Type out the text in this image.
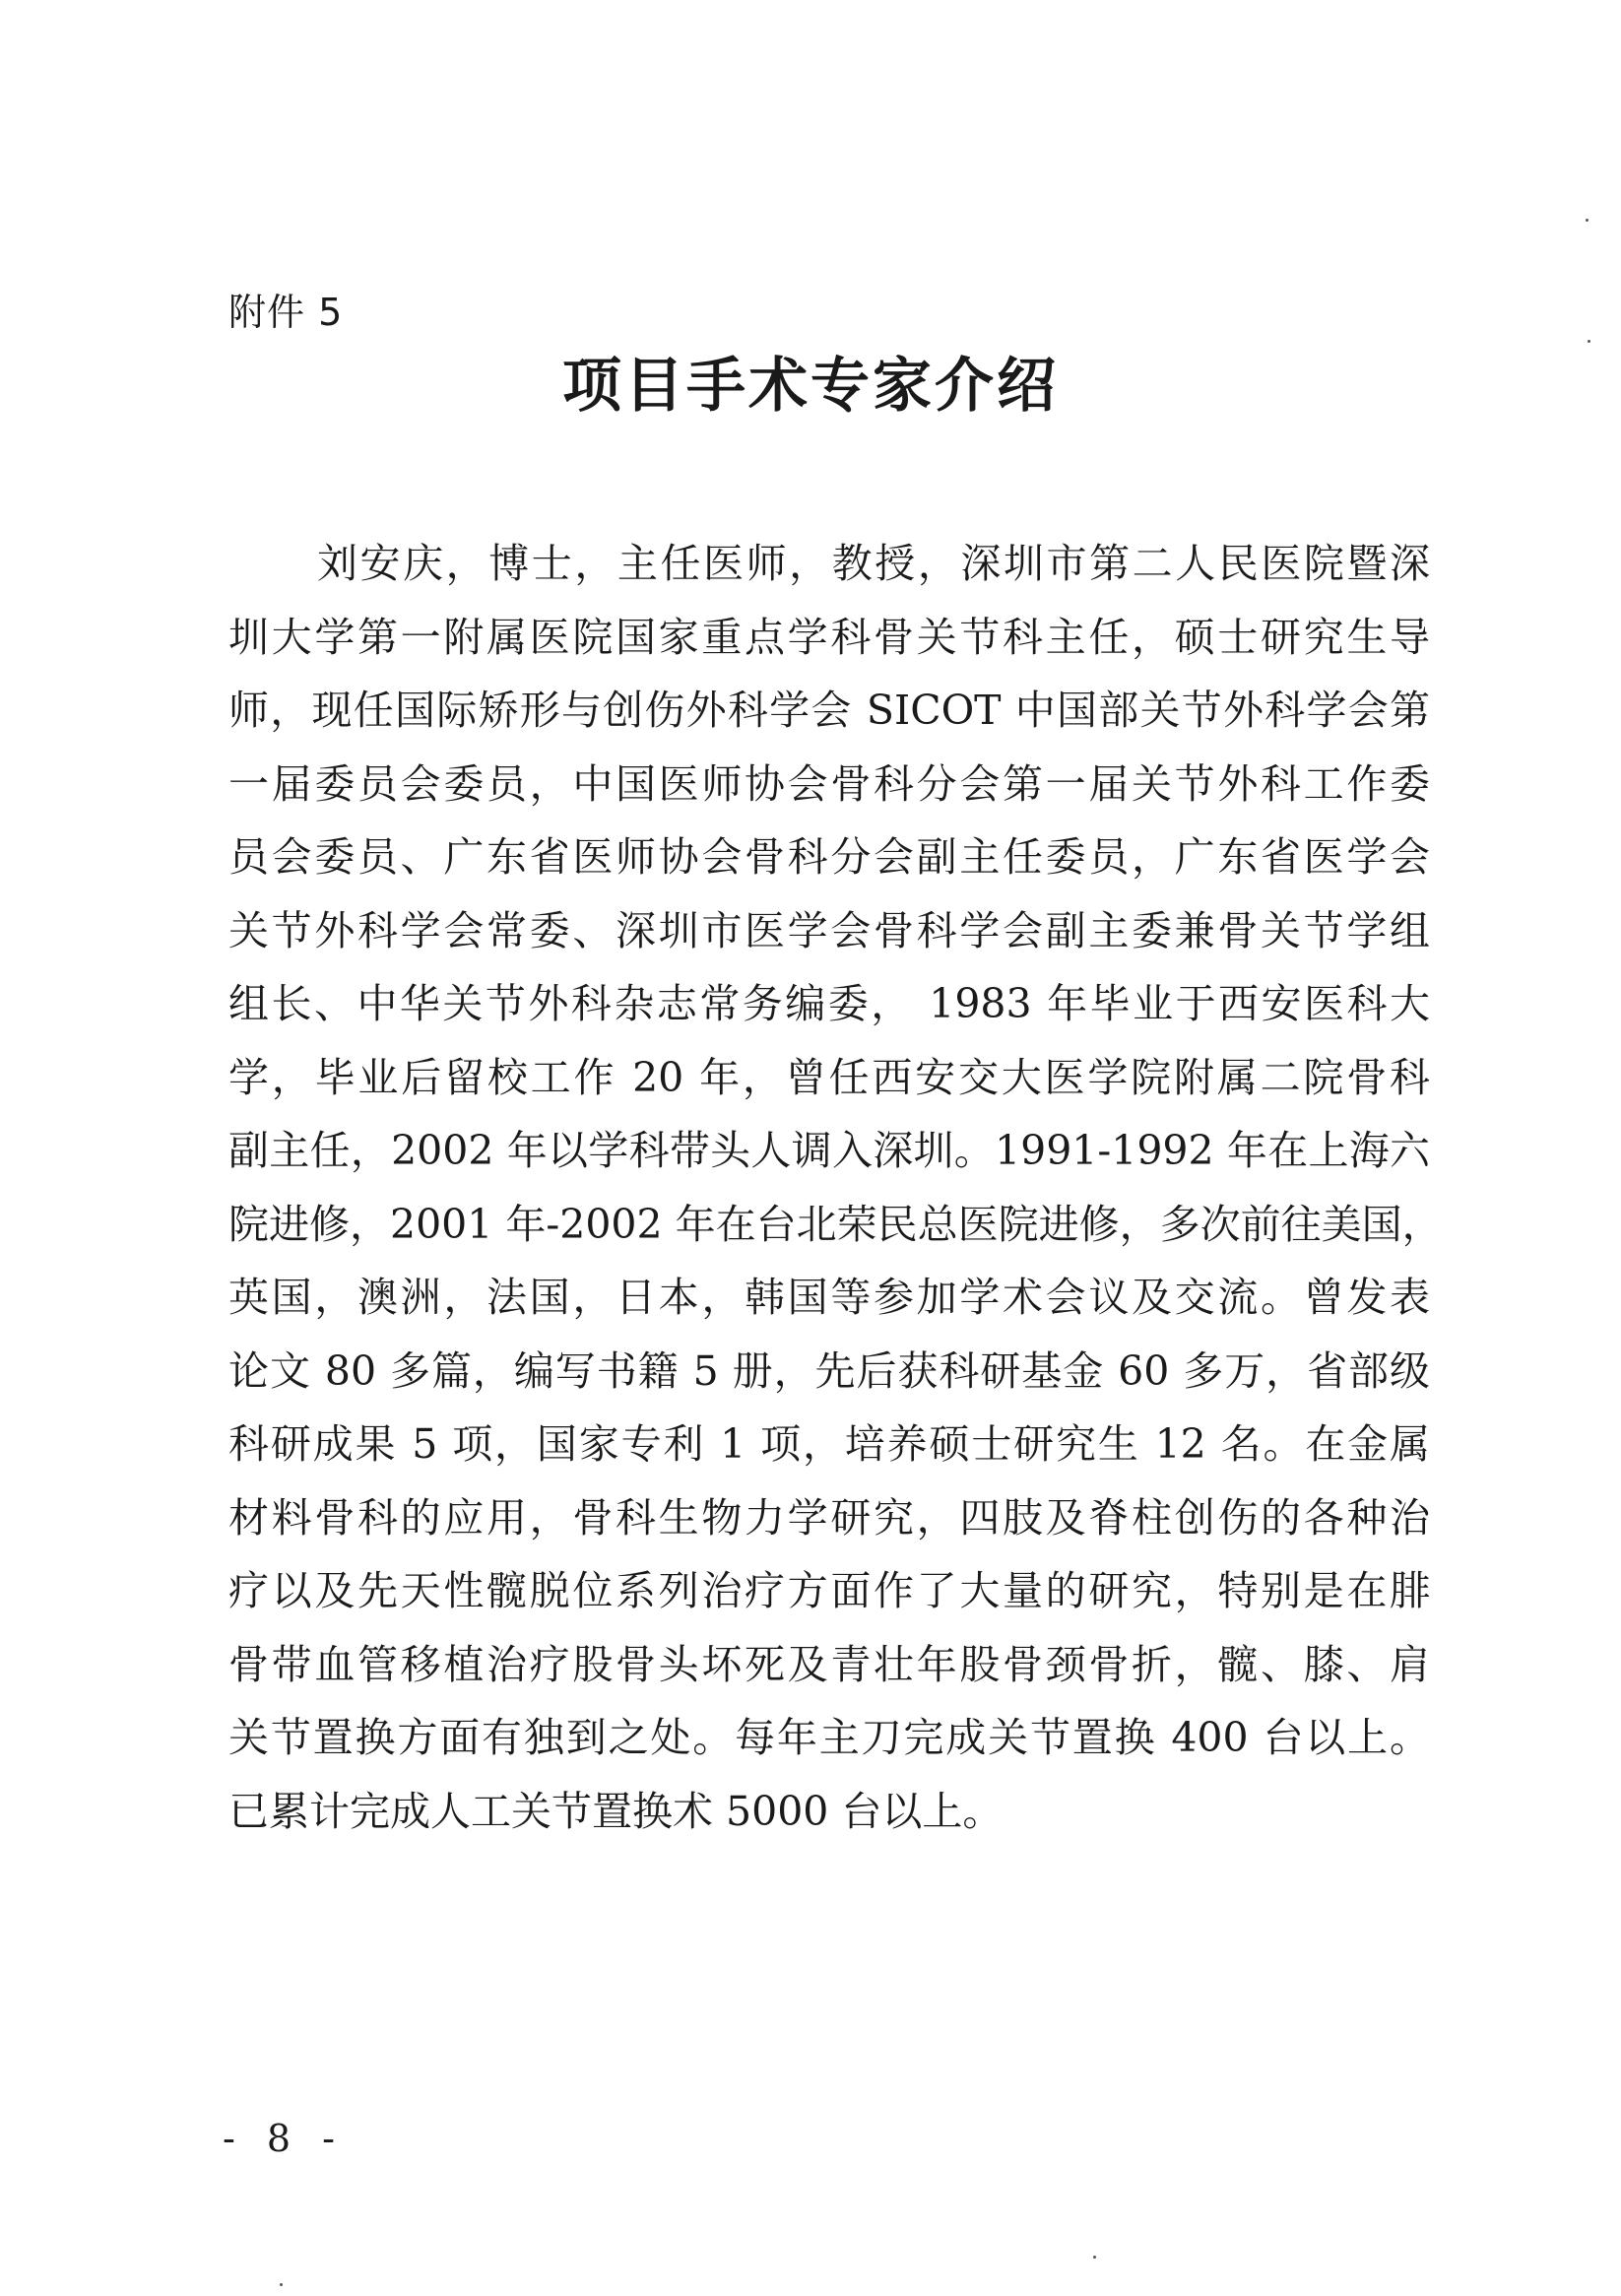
附件 5
项目手术专家介绍
刘安庆，博士，主任医师，教授，深圳市第二人民医院暨深
圳大学第一附属医院国家重点学科骨关节科主任，硕士研究生导
师，现任国际矫形与创伤外科学会 SICOT 中国部关节外科学会第
一届委员会委员，中国医师协会骨科分会第一届关节外科工作委
员会委员、广东省医师协会骨科分会副主任委员，广东省医学会
关节外科学会常委、深圳市医学会骨科学会副主委兼骨关节学组
组长、中华关节外科杂志常务编委， 1983 年毕业于西安医科大
学，毕业后留校工作 20 年，曾任西安交大医学院附属二院骨科
副主任，2002 年以学科带头人调入深圳。1991-1992 年在上海六
院进修，2001 年-2002 年在台北荣民总医院进修，多次前往美国，
英国，澳洲，法国，日本，韩国等参加学术会议及交流。曾发表
论文 80 多篇，编写书籍 5 册，先后获科研基金 60 多万，省部级
科研成果 5 项，国家专利 1 项，培养硕士研究生 12 名。在金属
材料骨科的应用，骨科生物力学研究，四肢及脊柱创伤的各种治
疗以及先天性髋脱位系列治疗方面作了大量的研究，特别是在腓
骨带血管移植治疗股骨头坏死及青壮年股骨颈骨折，髋、膝、肩
关节置换方面有独到之处。每年主刀完成关节置换 400 台以上。
已累计完成人工关节置换术 5000 台以上。
- 8 -
